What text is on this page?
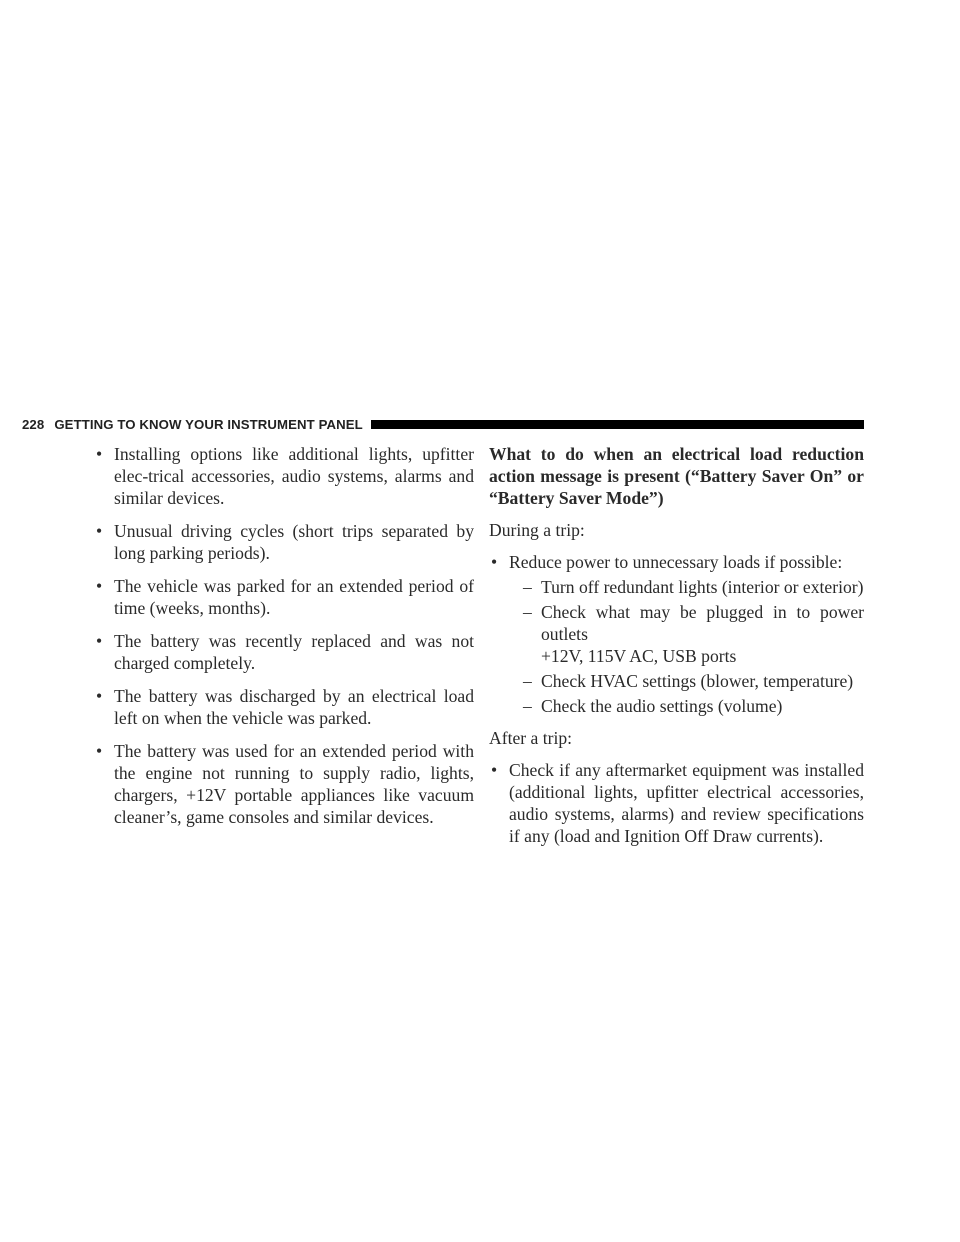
228 GETTING TO KNOW YOUR INSTRUMENT PANEL
• Installing options like additional lights, upfitter elec-trical accessories, audio systems, alarms and similar devices.
• Unusual driving cycles (short trips separated by long parking periods).
• The vehicle was parked for an extended period of time (weeks, months).
• The battery was recently replaced and was not charged completely.
• The battery was discharged by an electrical load left on when the vehicle was parked.
• The battery was used for an extended period with the engine not running to supply radio, lights, chargers, +12V portable appliances like vacuum cleaner’s, game consoles and similar devices.

What to do when an electrical load reduction action message is present (“Battery Saver On” or “Battery Saver Mode”)

During a trip:

• Reduce power to unnecessary loads if possible:
– Turn off redundant lights (interior or exterior)
– Check what may be plugged in to power outlets
+12V, 115V AC, USB ports
– Check HVAC settings (blower, temperature)
– Check the audio settings (volume)

After a trip:

• Check if any aftermarket equipment was installed (additional lights, upfitter electrical accessories, audio systems, alarms) and review specifications if any (load and Ignition Off Draw currents).
